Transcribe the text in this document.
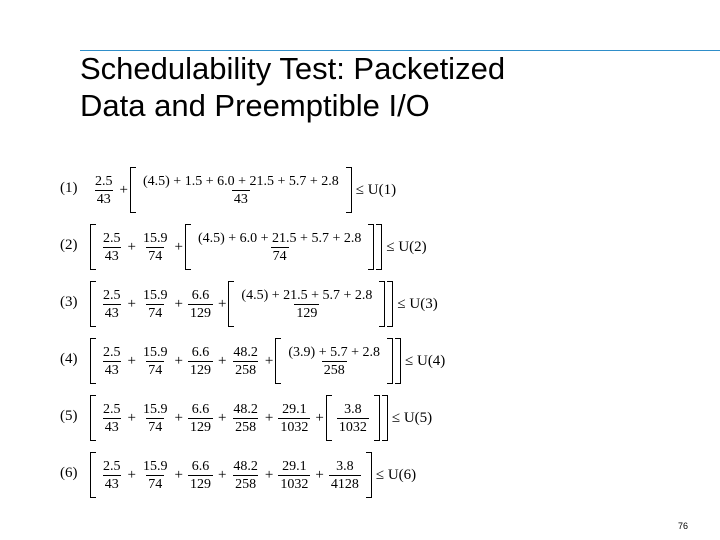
Schedulability Test: Packetized
Data and Preemptible I/O
$(1) \frac{2.5}{43} + \frac{(4.5) + 1.5 + 6.0 + 21.5 + 5.7 + 2.8}{43} \le U(1)$
$(2) \frac{2.5}{43} + \frac{15.9}{74} + \frac{(4.5) + 6.0 + 21.5 + 5.7 + 2.8}{74} \le U(2)$
$(3) \frac{2.5}{43} + \frac{15.9}{74} + \frac{6.6}{129} + \frac{(4.5) + 21.5 + 5.7 + 2.8}{129} \le U(3)$
$(4) \frac{2.5}{43} + \frac{15.9}{74} + \frac{6.6}{129} + \frac{48.2}{258} + \frac{(3.9) + 5.7 + 2.8}{258} \le U(4)$
$(5) \frac{2.5}{43} + \frac{15.9}{74} + \frac{6.6}{129} + \frac{48.2}{258} + \frac{29.1}{1032} + \frac{3.8}{1032} \le U(5)$
$(6) \frac{2.5}{43} + \frac{15.9}{74} + \frac{6.6}{129} + \frac{48.2}{258} + \frac{29.1}{1032} + \frac{3.8}{4128} \le U(6)$
76
